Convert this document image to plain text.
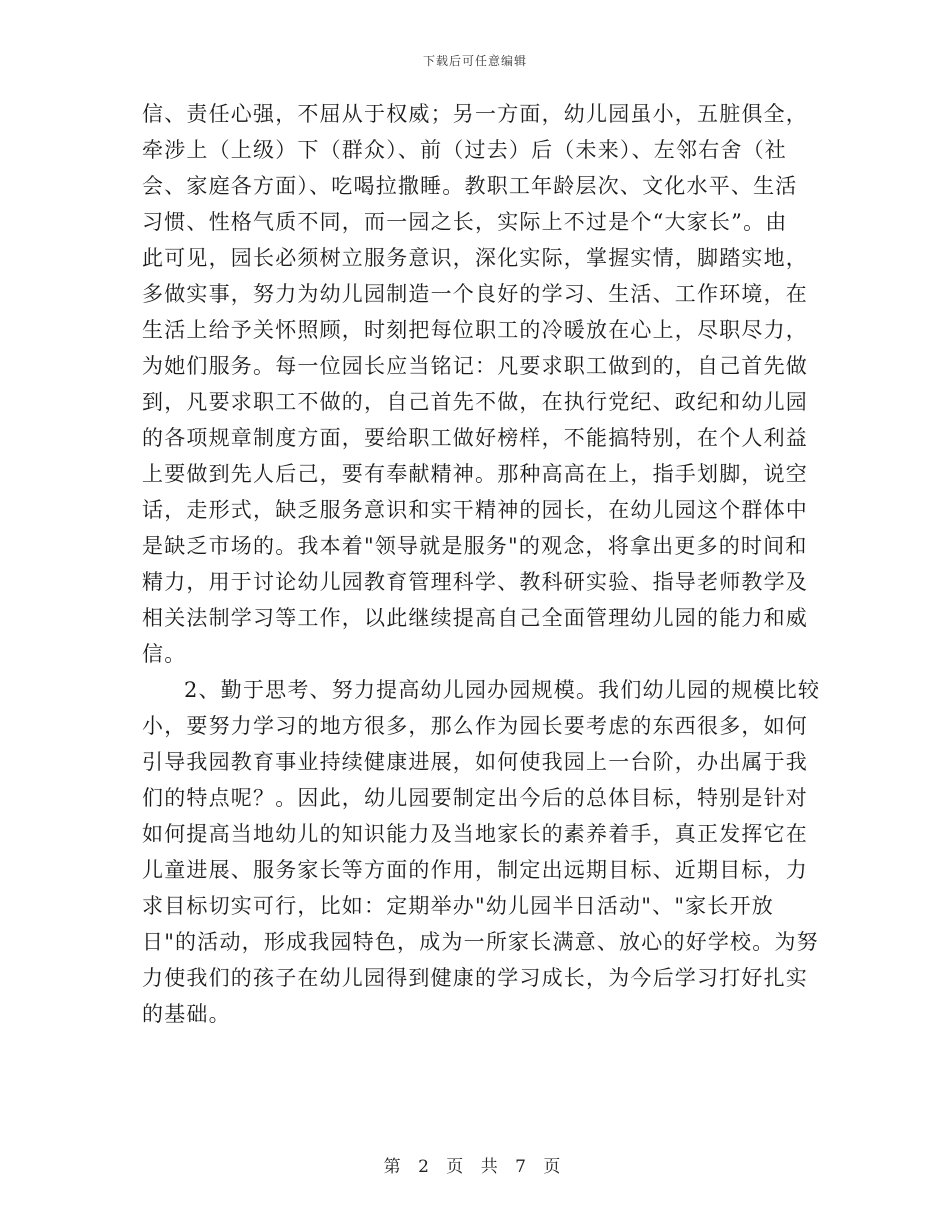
下载后可任意编辑
信、责任心强，不屈从于权威；另一方面，幼儿园虽小，五脏俱全，
牵涉上（上级）下（群众）、前（过去）后（未来）、左邻右舍（社
会、家庭各方面）、吃喝拉撒睡。教职工年龄层次、文化水平、生活
习惯、性格气质不同，而一园之长，实际上不过是个“大家长”。由
此可见，园长必须树立服务意识，深化实际，掌握实情，脚踏实地，
多做实事，努力为幼儿园制造一个良好的学习、生活、工作环境，在
生活上给予关怀照顾，时刻把每位职工的冷暖放在心上，尽职尽力，
为她们服务。每一位园长应当铭记：凡要求职工做到的，自己首先做
到，凡要求职工不做的，自己首先不做，在执行党纪、政纪和幼儿园
的各项规章制度方面，要给职工做好榜样，不能搞特别，在个人利益
上要做到先人后己，要有奉献精神。那种高高在上，指手划脚，说空
话，走形式，缺乏服务意识和实干精神的园长，在幼儿园这个群体中
是缺乏市场的。我本着"领导就是服务"的观念，将拿出更多的时间和
精力，用于讨论幼儿园教育管理科学、教科研实验、指导老师教学及
相关法制学习等工作，以此继续提高自己全面管理幼儿园的能力和威
信。
2、勤于思考、努力提高幼儿园办园规模。我们幼儿园的规模比较
小，要努力学习的地方很多，那么作为园长要考虑的东西很多，如何
引导我园教育事业持续健康进展，如何使我园上一台阶，办出属于我
们的特点呢？。因此，幼儿园要制定出今后的总体目标，特别是针对
如何提高当地幼儿的知识能力及当地家长的素养着手，真正发挥它在
儿童进展、服务家长等方面的作用，制定出远期目标、近期目标，力
求目标切实可行，比如：定期举办"幼儿园半日活动"、"家长开放
日"的活动，形成我园特色，成为一所家长满意、放心的好学校。为努
力使我们的孩子在幼儿园得到健康的学习成长，为今后学习打好扎实
的基础。
第 2 页 共 7 页
